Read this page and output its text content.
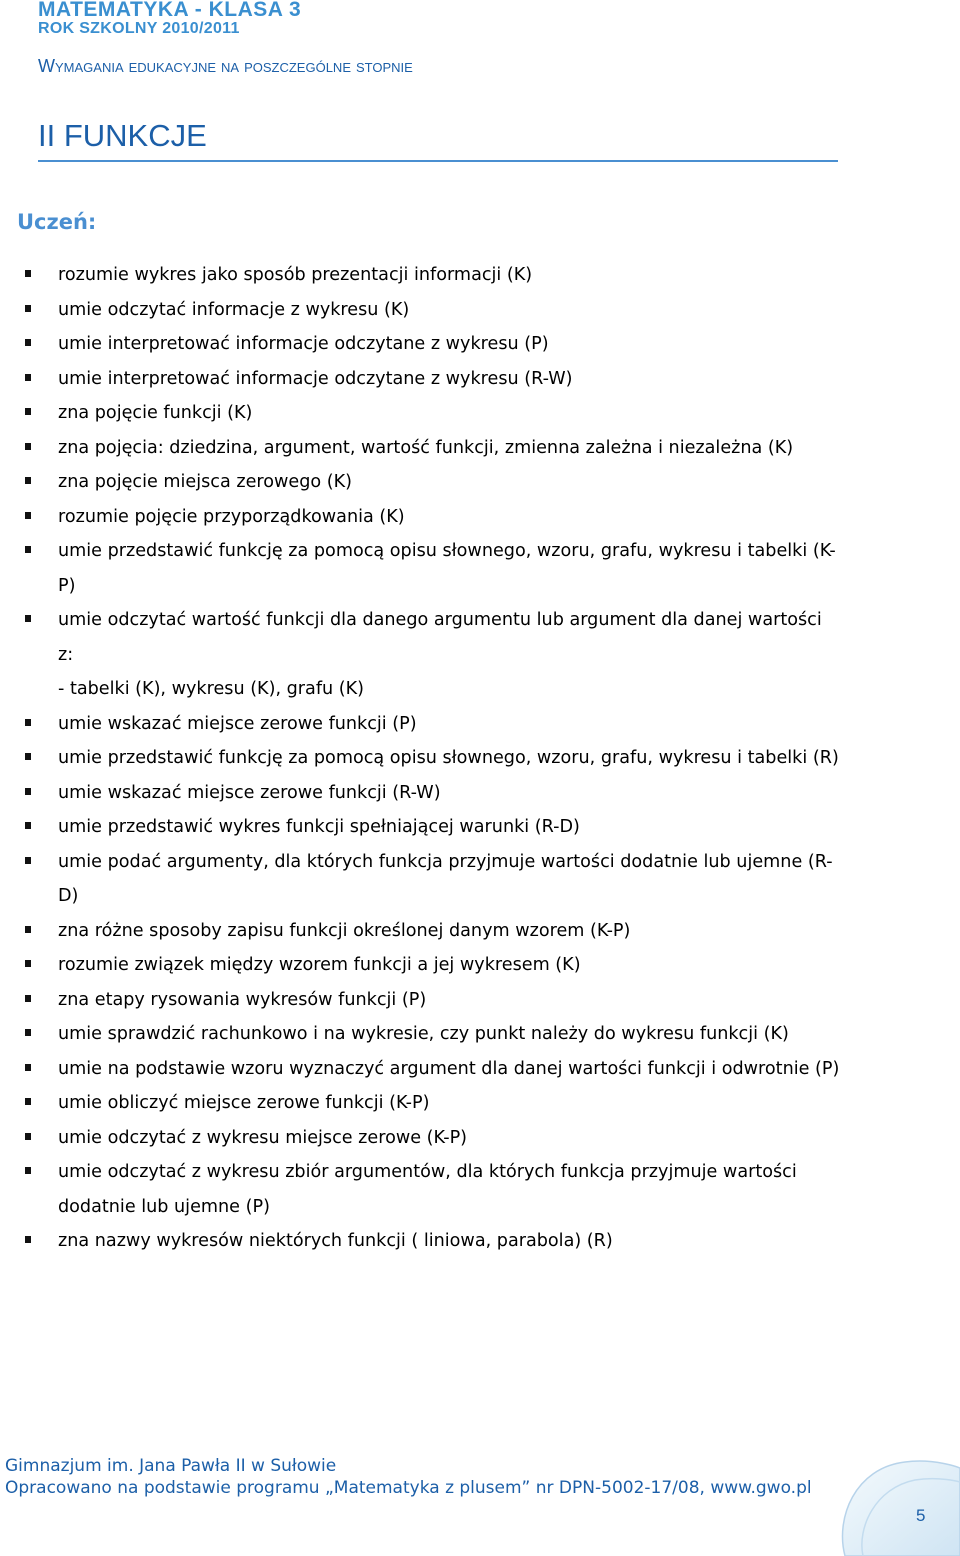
MATEMATYKA - KLASA 3

ROK SZKOLNY 2010/2011

Wymagania edukacyjne na poszczególne stopnie

II FUNKCJE

Uczeń:

rozumie wykres jako sposób prezentacji informacji (K)
umie odczytać informacje z wykresu (K)
umie interpretować informacje odczytane z wykresu (P)
umie interpretować informacje odczytane z wykresu (R-W)
zna pojęcie funkcji (K)
zna pojęcia: dziedzina, argument, wartość funkcji, zmienna zależna i niezależna (K)
zna pojęcie miejsca zerowego (K)
rozumie pojęcie przyporządkowania (K)
umie przedstawić funkcję za pomocą opisu słownego, wzoru, grafu, wykresu i tabelki (K-P)
umie odczytać wartość funkcji dla danego argumentu lub argument dla danej wartości z:
- tabelki (K), wykresu (K), grafu (K)
umie wskazać miejsce zerowe funkcji (P)
umie przedstawić funkcję za pomocą opisu słownego, wzoru, grafu, wykresu i tabelki (R)
umie wskazać miejsce zerowe funkcji (R-W)
umie przedstawić wykres funkcji spełniającej warunki (R-D)
umie podać argumenty, dla których funkcja przyjmuje wartości dodatnie lub ujemne (R-D)
zna różne sposoby zapisu funkcji określonej danym wzorem (K-P)
rozumie związek między wzorem funkcji a jej wykresem (K)
zna etapy rysowania wykresów funkcji (P)
umie sprawdzić rachunkowo i na wykresie, czy punkt należy do wykresu funkcji (K)
umie na podstawie wzoru wyznaczyć argument dla danej wartości funkcji i odwrotnie (P)
umie obliczyć miejsce zerowe funkcji (K-P)
umie odczytać z wykresu miejsce zerowe (K-P)
umie odczytać z wykresu zbiór argumentów, dla których funkcja przyjmuje wartości dodatnie lub ujemne (P)
zna nazwy wykresów niektórych funkcji ( liniowa, parabola) (R)

Gimnazjum im. Jana Pawła II w Sułowie

Opracowano na podstawie programu „Matematyka z plusem” nr DPN-5002-17/08, www.gwo.pl

5
